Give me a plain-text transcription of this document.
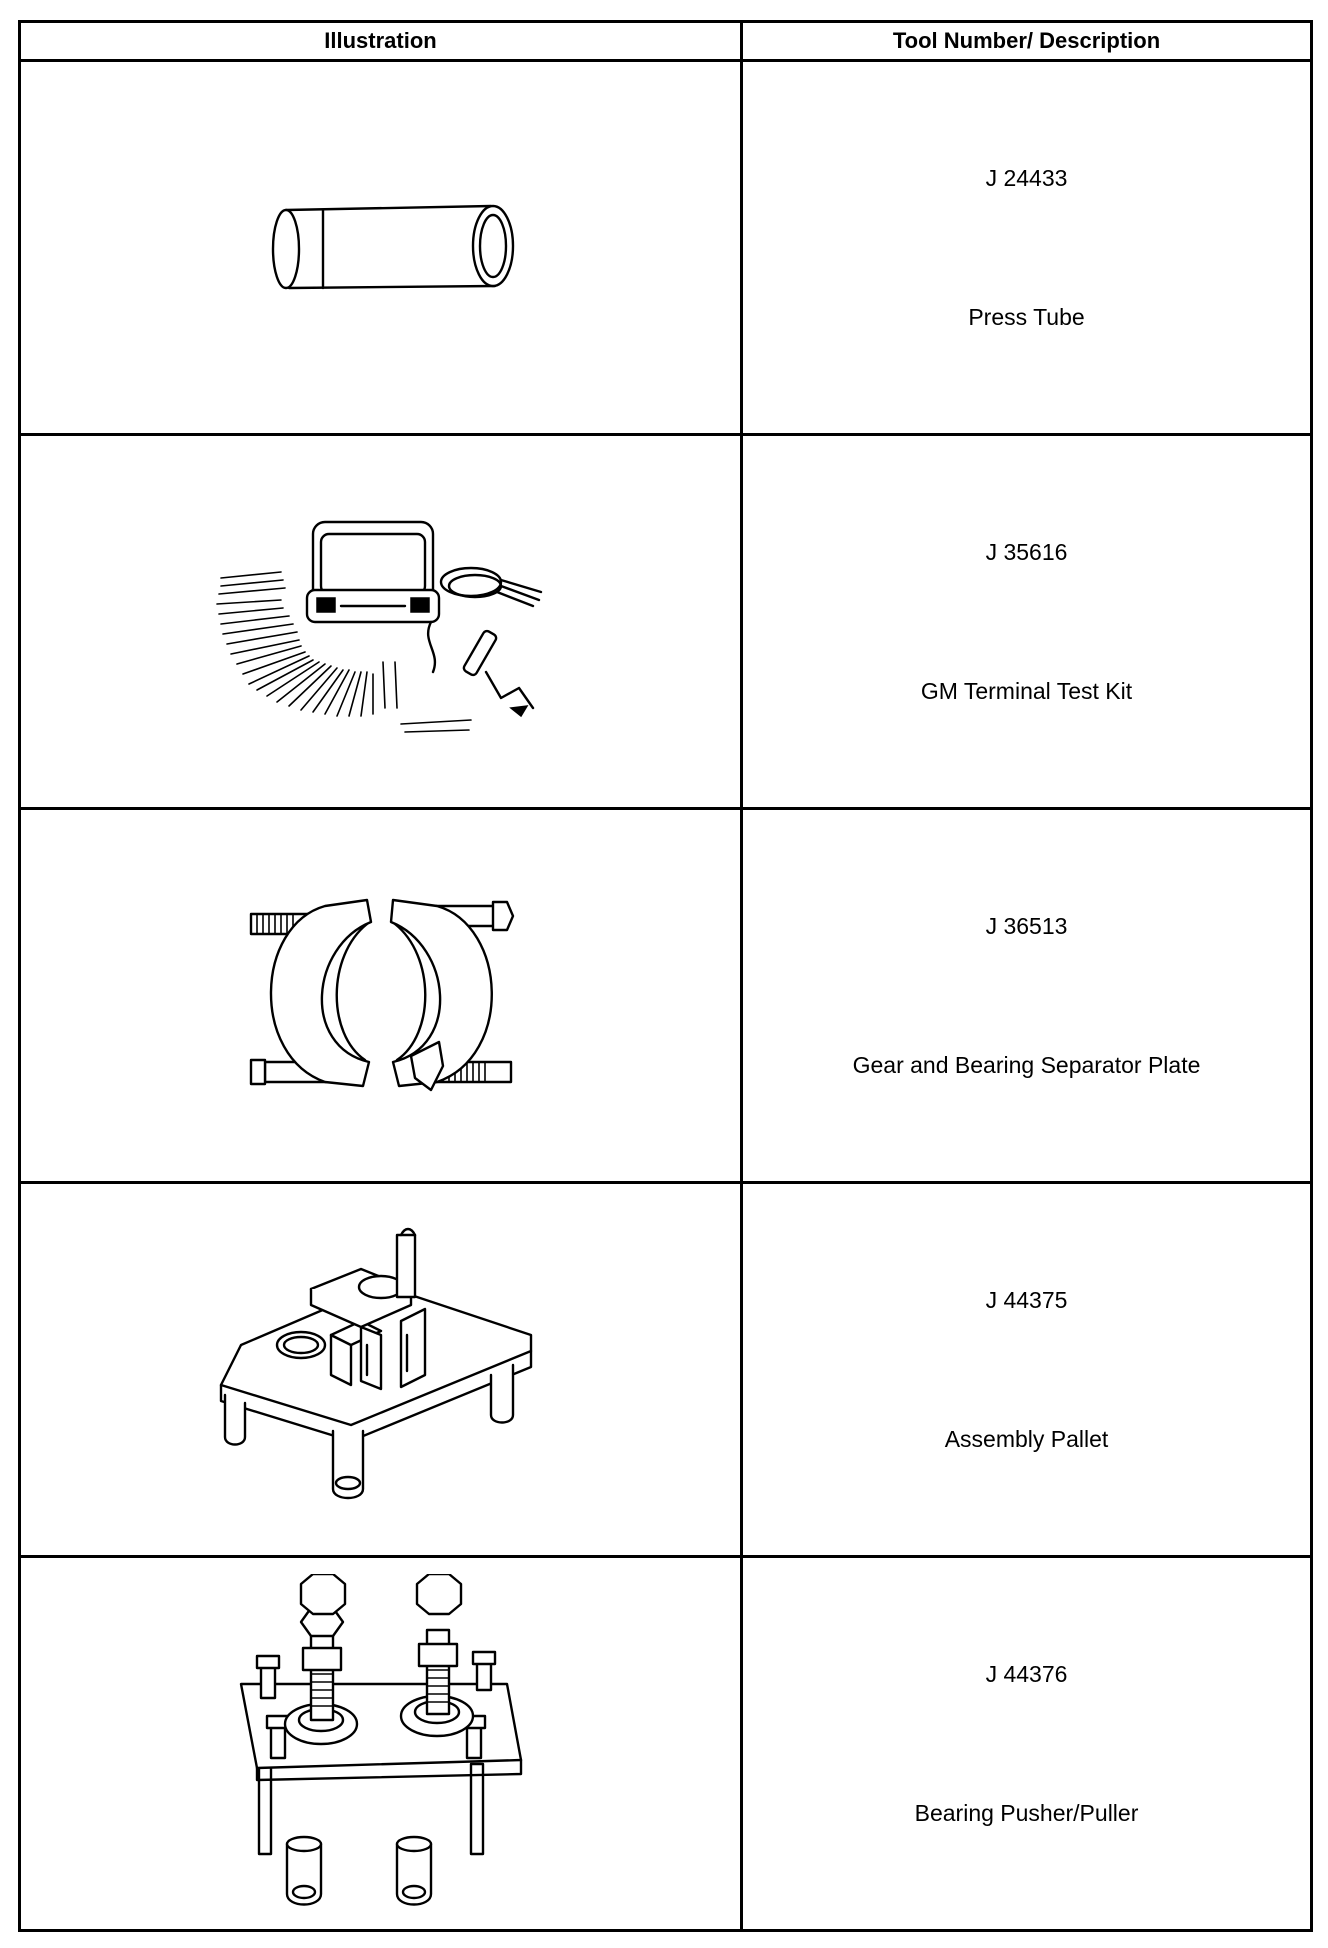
Illustration	Tool Number/ Description

J 24433
Press Tube

J 35616
GM Terminal Test Kit

J 36513
Gear and Bearing Separator Plate

J 44375
Assembly Pallet

J 44376
Bearing Pusher/Puller
